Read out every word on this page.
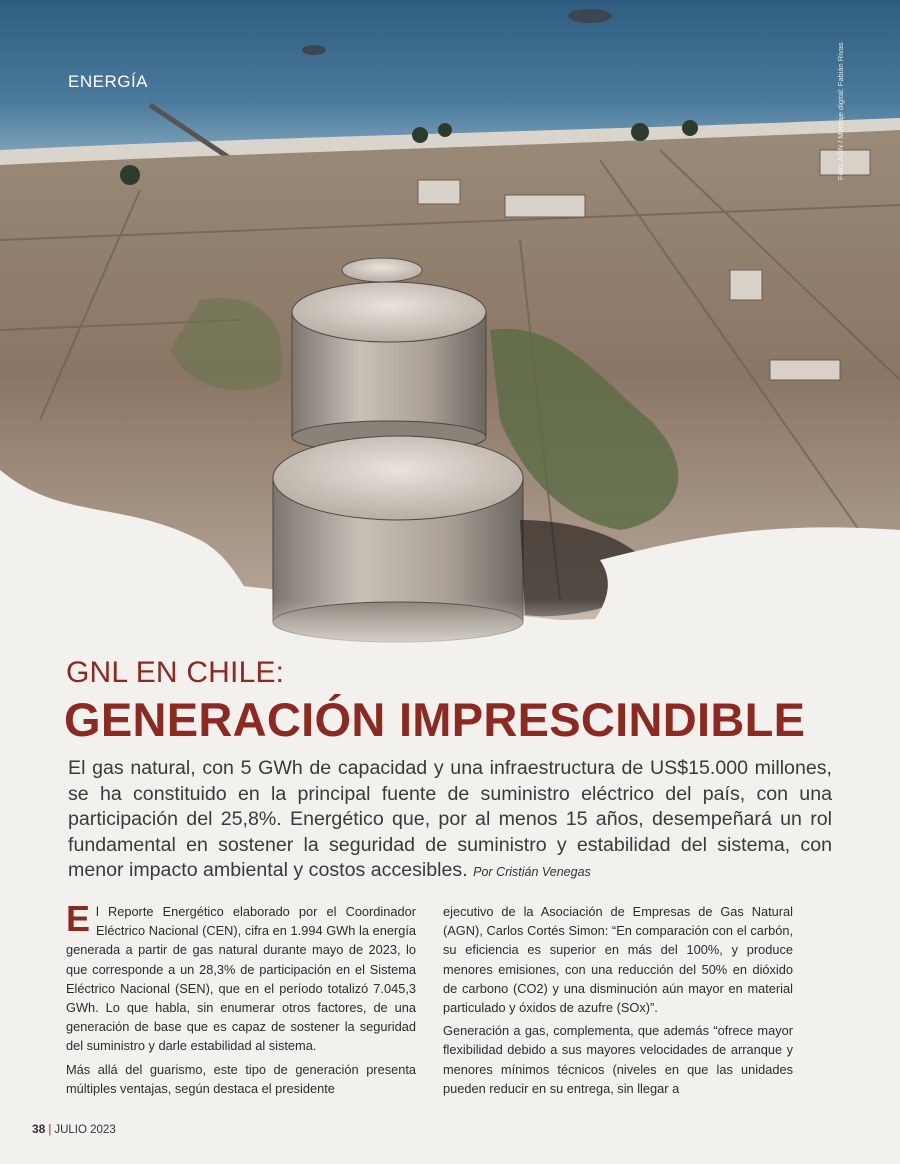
ENERGÍA	Foto: AGN / Montaje digital: Fabián Rivas
GNL EN CHILE:
GENERACIÓN IMPRESCINDIBLE
El gas natural, con 5 GWh de capacidad y una infraestructura de US$15.000 millones, se ha constituido en la principal fuente de suministro eléctrico del país, con una participación del 25,8%. Energético que, por al menos 15 años, desempeñará un rol fundamental en sostener la seguridad de suministro y estabilidad del sistema, con menor impacto ambiental y costos accesibles. Por Cristián Venegas

El Reporte Energético elaborado por el Coordinador Eléctrico Nacional (CEN), cifra en 1.994 GWh la energía generada a partir de gas natural durante mayo de 2023, lo que corresponde a un 28,3% de participación en el Sistema Eléctrico Nacional (SEN), que en el período totalizó 7.045,3 GWh. Lo que habla, sin enumerar otros factores, de una generación de base que es capaz de sostener la seguridad del suministro y darle estabilidad al sistema.

Más allá del guarismo, este tipo de generación presenta múltiples ventajas, según destaca el presidente

ejecutivo de la Asociación de Empresas de Gas Natural (AGN), Carlos Cortés Simon: “En comparación con el carbón, su eficiencia es superior en más del 100%, y produce menores emisiones, con una reducción del 50% en dióxido de carbono (CO2) y una disminución aún mayor en material particulado y óxidos de azufre (SOx)”.

Generación a gas, complementa, que además “ofrece mayor flexibilidad debido a sus mayores velocidades de arranque y menores mínimos técnicos (niveles en que las unidades pueden reducir en su entrega, sin llegar a

38 | JULIO 2023
